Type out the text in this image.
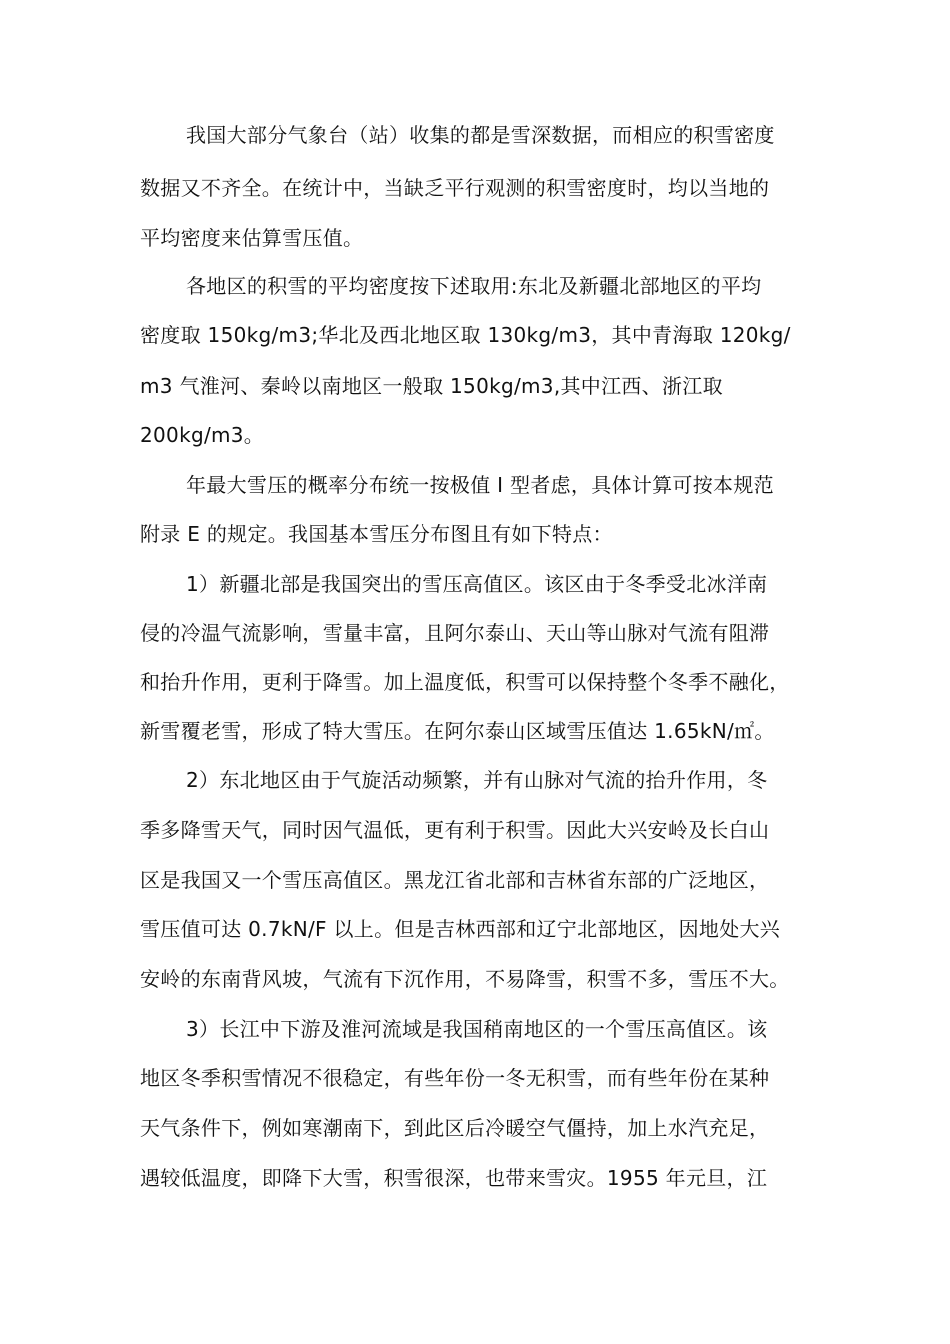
我国大部分气象台（站）收集的都是雪深数据，而相应的积雪密度
数据又不齐全。在统计中，当缺乏平行观测的积雪密度时，均以当地的
平均密度来估算雪压值。
各地区的积雪的平均密度按下述取用:东北及新疆北部地区的平均
密度取 150kg/m3;华北及西北地区取 130kg/m3，其中青海取 120kg/
m3 气淮河、秦岭以南地区一般取 150kg/m3,其中江西、浙江取
200kg/m3。
年最大雪压的概率分布统一按极值 I 型者虑，具体计算可按本规范
附录 E 的规定。我国基本雪压分布图且有如下特点：
1）新疆北部是我国突出的雪压高值区。该区由于冬季受北冰洋南
侵的冷温气流影响，雪量丰富，且阿尔泰山、天山等山脉对气流有阻滞
和抬升作用，更利于降雪。加上温度低，积雪可以保持整个冬季不融化，
新雪覆老雪，形成了特大雪压。在阿尔泰山区域雪压值达 1.65kN/㎡。
2）东北地区由于气旋活动频繁，并有山脉对气流的抬升作用，冬
季多降雪天气，同时因气温低，更有利于积雪。因此大兴安岭及长白山
区是我国又一个雪压高值区。黑龙江省北部和吉林省东部的广泛地区，
雪压值可达 0.7kN/F 以上。但是吉林西部和辽宁北部地区，因地处大兴
安岭的东南背风坡，气流有下沉作用，不易降雪，积雪不多，雪压不大。
3）长江中下游及淮河流域是我国稍南地区的一个雪压高值区。该
地区冬季积雪情况不很稳定，有些年份一冬无积雪，而有些年份在某种
天气条件下，例如寒潮南下，到此区后冷暖空气僵持，加上水汽充足，
遇较低温度，即降下大雪，积雪很深，也带来雪灾。1955 年元旦，江
